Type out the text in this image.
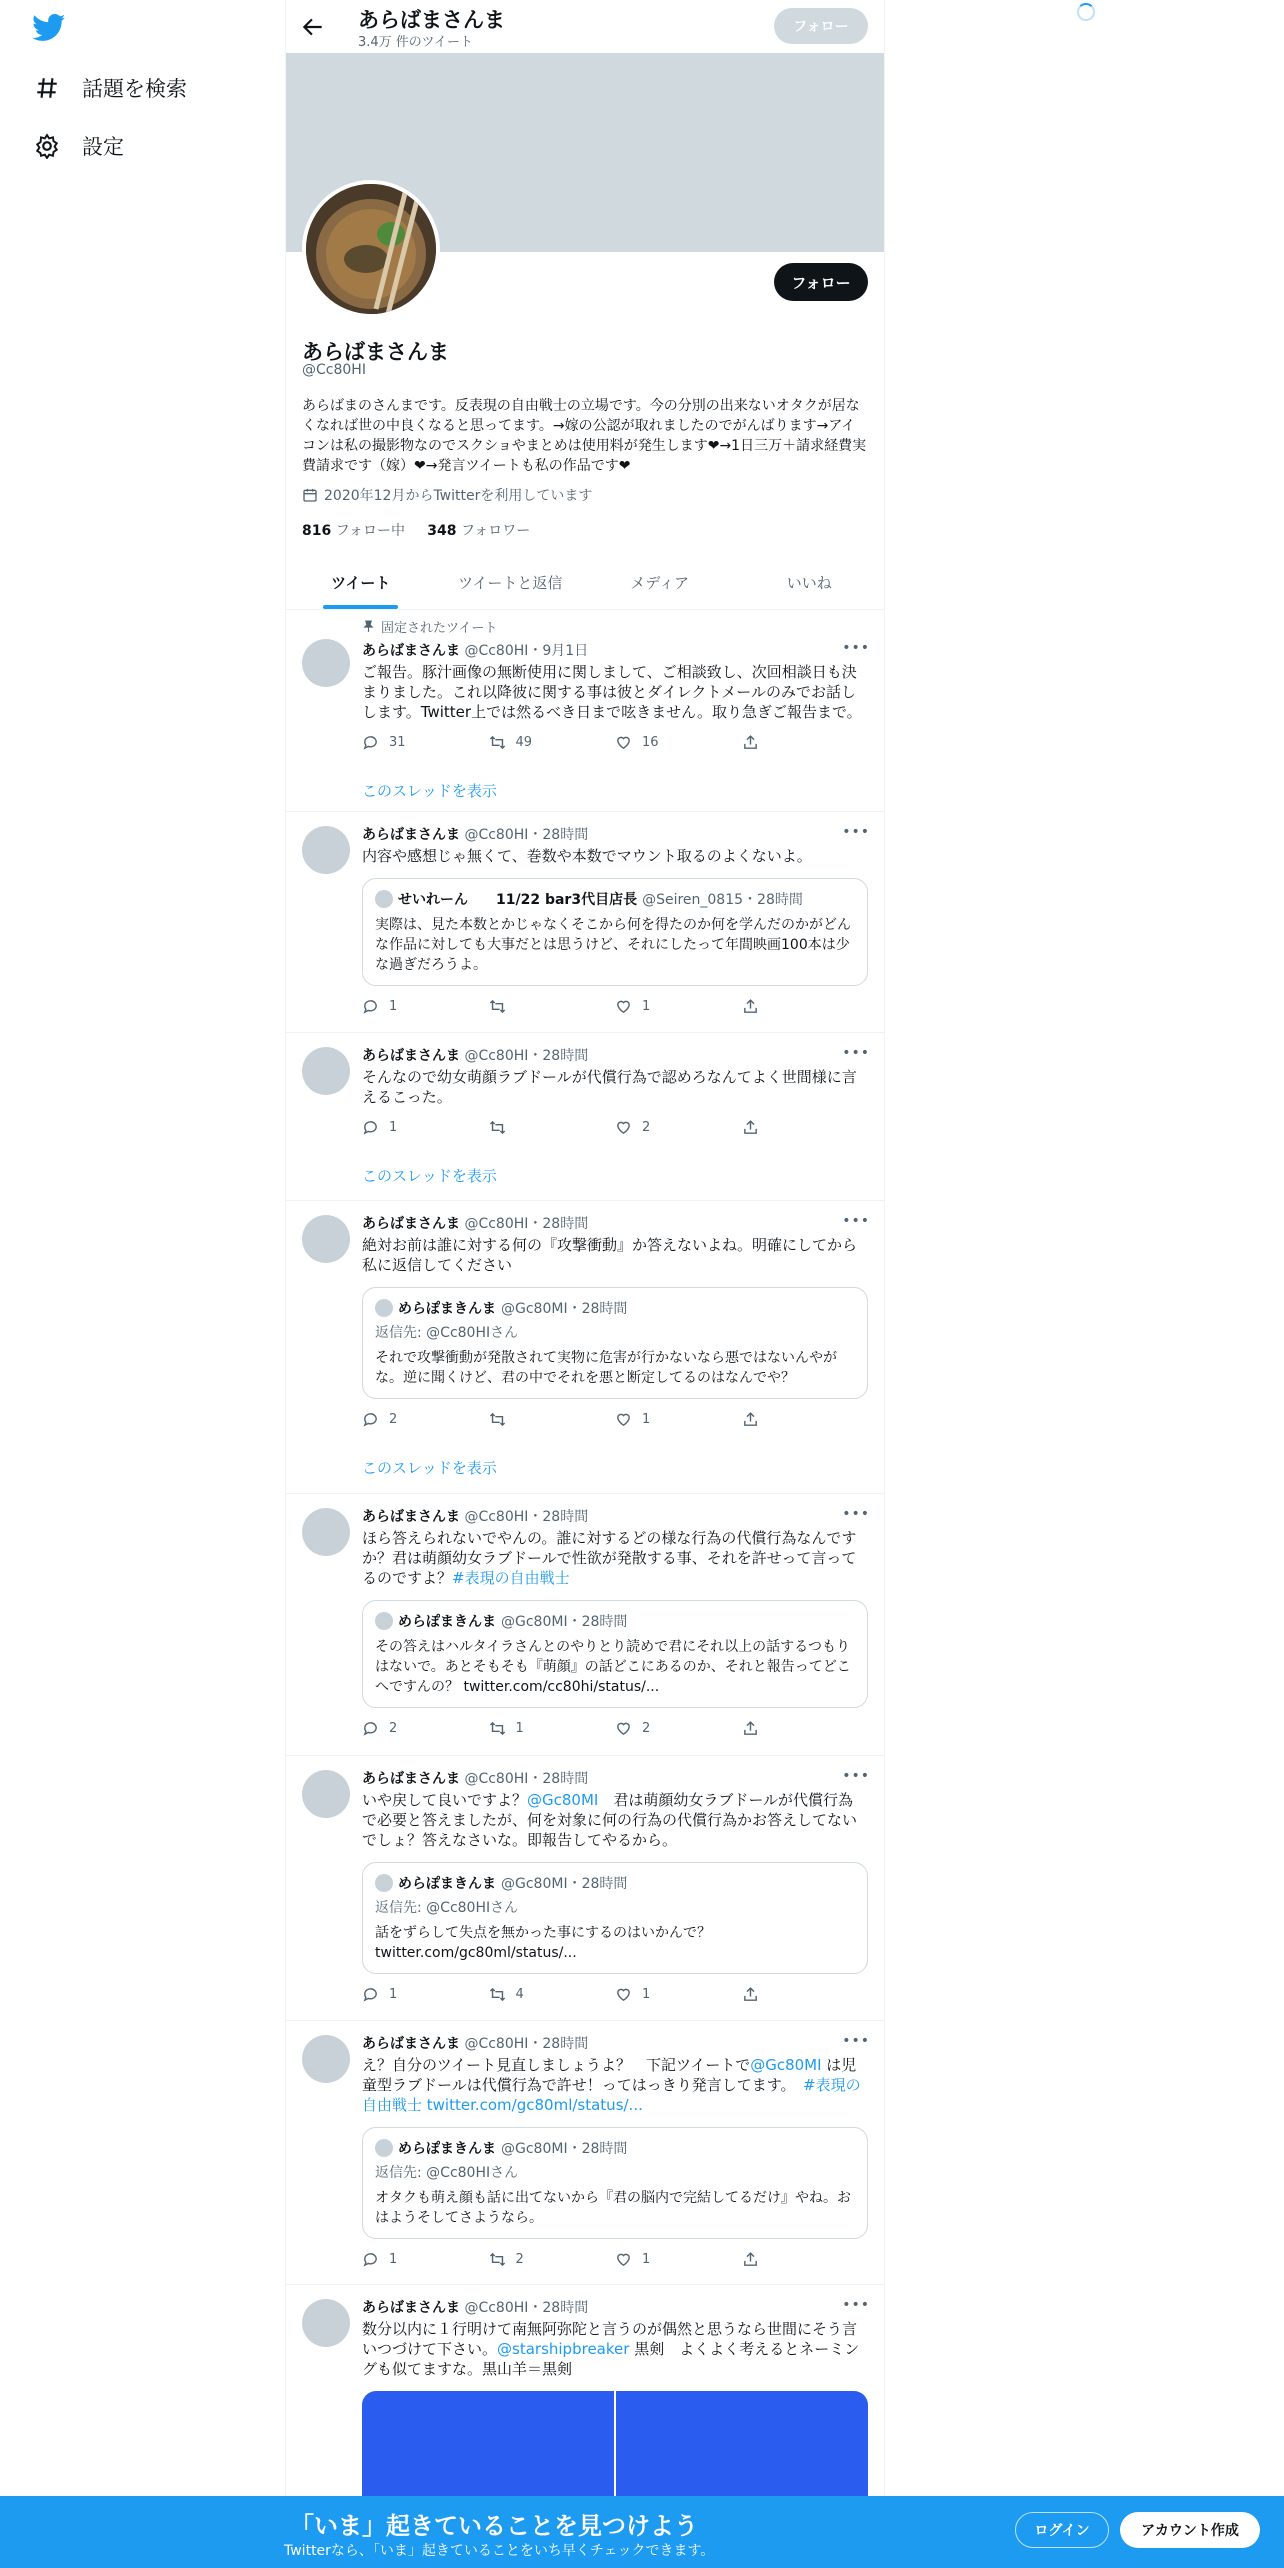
話題を検索
設定
あらばまさんま
3.4万 件のツイート
フォロー
フォロー
あらばまさんま
@Cc80HI
あらばまのさんまです。反表現の自由戦士の立場です。今の分別の出来ないオタクが居なくなれば世の中良くなると思ってます。→嫁の公認が取れましたのでがんばります→アイコンは私の撮影物なのでスクショやまとめは使用料が発生します❤→1日三万＋請求経費実費請求です（嫁）❤→発言ツイートも私の作品です❤
2020年12月からTwitterを利用しています
816 フォロー中 348 フォロワー
ツイート	ツイートと返信	メディア	いいね
固定されたツイート
あらばまさんま @Cc80HI・9月1日	•••
ご報告。豚汁画像の無断使用に関しまして、ご相談致し、次回相談日も決まりました。これ以降彼に関する事は彼とダイレクトメールのみでお話しします。Twitter上では然るべき日まで呟きません。取り急ぎご報告まで。
31	49	16
このスレッドを表示
あらばまさんま @Cc80HI・28時間	•••
内容や感想じゃ無くて、巻数や本数でマウント取るのよくないよ。
せいれーん　　11/22 bar3代目店長 @Seiren_0815・28時間
実際は、見た本数とかじゃなくそこから何を得たのか何を学んだのかがどんな作品に対しても大事だとは思うけど、それにしたって年間映画100本は少な過ぎだろうよ。
1	1
あらばまさんま @Cc80HI・28時間	•••
そんなので幼女萌顔ラブドールが代償行為で認めろなんてよく世間様に言えるこった。
1	2
このスレッドを表示
あらばまさんま @Cc80HI・28時間	•••
絶対お前は誰に対する何の『攻撃衝動』か答えないよね。明確にしてから私に返信してください
めらぽまきんま @Gc80MI・28時間
返信先: @Cc80HIさん
それで攻撃衝動が発散されて実物に危害が行かないなら悪ではないんやがな。逆に聞くけど、君の中でそれを悪と断定してるのはなんでや？
2	1
このスレッドを表示
あらばまさんま @Cc80HI・28時間	•••
ほら答えられないでやんの。誰に対するどの様な行為の代償行為なんですか？君は萌顔幼女ラブドールで性欲が発散する事、それを許せって言ってるのですよ？#表現の自由戦士
めらぽまきんま @Gc80MI・28時間
その答えはハルタイラさんとのやりとり読めで君にそれ以上の話するつもりはないで。あとそもそも『萌顔』の話どこにあるのか、それと報告ってどこへですんの？ twitter.com/cc80hi/status/...
2	1	2
あらばまさんま @Cc80HI・28時間	•••
いや戻して良いですよ？@Gc80MI　君は萌顔幼女ラブドールが代償行為で必要と答えましたが、何を対象に何の行為の代償行為かお答えしてないでしょ？答えなさいな。即報告してやるから。
めらぽまきんま @Gc80MI・28時間
返信先: @Cc80HIさん
話をずらして失点を無かった事にするのはいかんで？ twitter.com/gc80ml/status/...
1	4	1
あらばまさんま @Cc80HI・28時間	•••
え？自分のツイート見直しましょうよ？　下記ツイートで@Gc80MI は児童型ラブドールは代償行為で許せ！ってはっきり発言してます。　#表現の自由戦士 twitter.com/gc80ml/status/...
めらぽまきんま @Gc80MI・28時間
返信先: @Cc80HIさん
オタクも萌え顔も話に出てないから『君の脳内で完結してるだけ』やね。おはようそしてさようなら。
1	2	1
あらばまさんま @Cc80HI・28時間	•••
数分以内に１行明けて南無阿弥陀と言うのが偶然と思うなら世間にそう言いつづけて下さい。@starshipbreaker 黒剣　よくよく考えるとネーミングも似てますな。黒山羊＝黒剣
「いま」起きていることを見つけよう
Twitterなら、「いま」起きていることをいち早くチェックできます。
ログイン	アカウント作成
